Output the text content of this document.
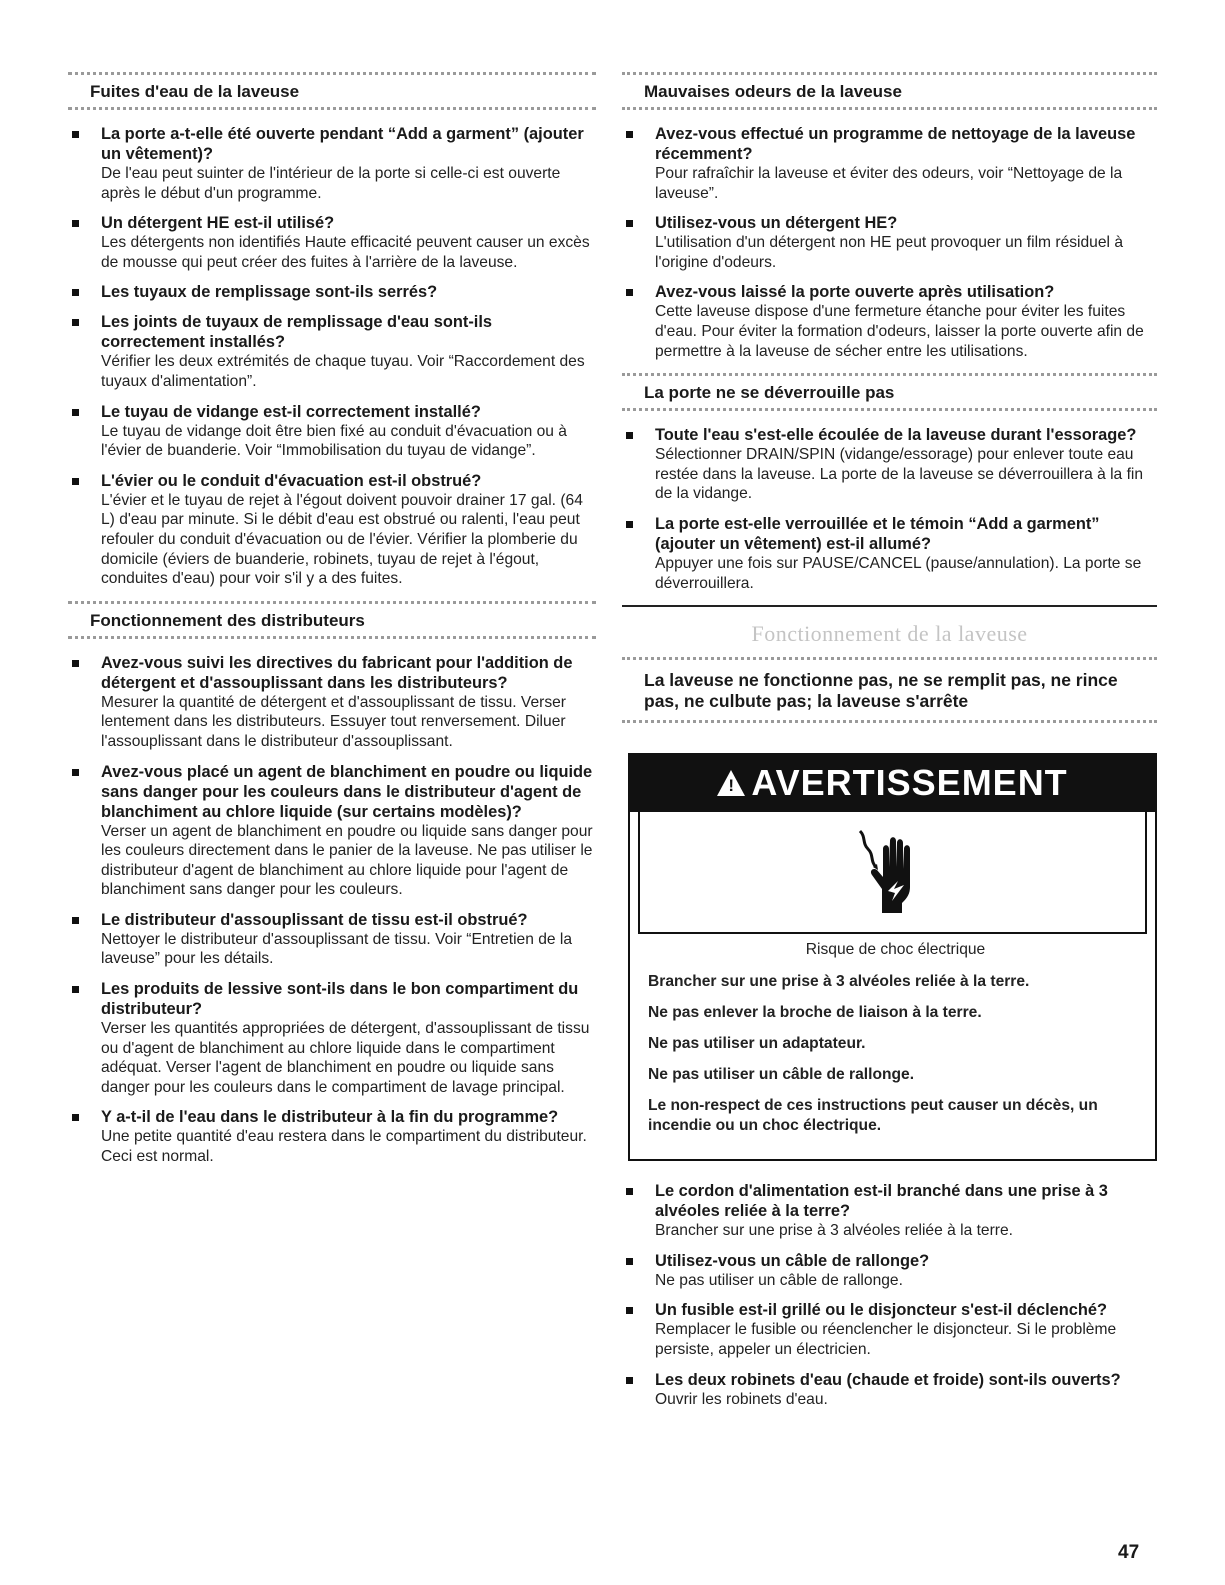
Fuites d'eau de la laveuse
La porte a-t-elle été ouverte pendant “Add a garment” (ajouter un vêtement)?
De l'eau peut suinter de l'intérieur de la porte si celle-ci est ouverte après le début d'un programme.
Un détergent HE est-il utilisé?
Les détergents non identifiés Haute efficacité peuvent causer un excès de mousse qui peut créer des fuites à l'arrière de la laveuse.
Les tuyaux de remplissage sont-ils serrés?
Les joints de tuyaux de remplissage d'eau sont-ils correctement installés?
Vérifier les deux extrémités de chaque tuyau. Voir “Raccordement des tuyaux d'alimentation”.
Le tuyau de vidange est-il correctement installé?
Le tuyau de vidange doit être bien fixé au conduit d'évacuation ou à l'évier de buanderie. Voir “Immobilisation du tuyau de vidange”.
L'évier ou le conduit d'évacuation est-il obstrué?
L'évier et le tuyau de rejet à l'égout doivent pouvoir drainer 17 gal. (64 L) d'eau par minute. Si le débit d'eau est obstrué ou ralenti, l'eau peut refouler du conduit d'évacuation ou de l'évier. Vérifier la plomberie du domicile (éviers de buanderie, robinets, tuyau de rejet à l'égout, conduites d'eau) pour voir s'il y a des fuites.
Fonctionnement des distributeurs
Avez-vous suivi les directives du fabricant pour l'addition de détergent et d'assouplissant dans les distributeurs?
Mesurer la quantité de détergent et d'assouplissant de tissu. Verser lentement dans les distributeurs. Essuyer tout renversement. Diluer l'assouplissant dans le distributeur d'assouplissant.
Avez-vous placé un agent de blanchiment en poudre ou liquide sans danger pour les couleurs dans le distributeur d'agent de blanchiment au chlore liquide (sur certains modèles)?
Verser un agent de blanchiment en poudre ou liquide sans danger pour les couleurs directement dans le panier de la laveuse. Ne pas utiliser le distributeur d'agent de blanchiment au chlore liquide pour l'agent de blanchiment sans danger pour les couleurs.
Le distributeur d'assouplissant de tissu est-il obstrué?
Nettoyer le distributeur d'assouplissant de tissu. Voir “Entretien de la laveuse” pour les détails.
Les produits de lessive sont-ils dans le bon compartiment du distributeur?
Verser les quantités appropriées de détergent, d'assouplissant de tissu ou d'agent de blanchiment au chlore liquide dans le compartiment adéquat. Verser l'agent de blanchiment en poudre ou liquide sans danger pour les couleurs dans le compartiment de lavage principal.
Y a-t-il de l'eau dans le distributeur à la fin du programme?
Une petite quantité d'eau restera dans le compartiment du distributeur. Ceci est normal.
Mauvaises odeurs de la laveuse
Avez-vous effectué un programme de nettoyage de la laveuse récemment?
Pour rafraîchir la laveuse et éviter des odeurs, voir “Nettoyage de la laveuse”.
Utilisez-vous un détergent HE?
L'utilisation d'un détergent non HE peut provoquer un film résiduel à l'origine d'odeurs.
Avez-vous laissé la porte ouverte après utilisation?
Cette laveuse dispose d'une fermeture étanche pour éviter les fuites d'eau. Pour éviter la formation d'odeurs, laisser la porte ouverte afin de permettre à la laveuse de sécher entre les utilisations.
La porte ne se déverrouille pas
Toute l'eau s'est-elle écoulée de la laveuse durant l'essorage?
Sélectionner DRAIN/SPIN (vidange/essorage) pour enlever toute eau restée dans la laveuse. La porte de la laveuse se déverrouillera à la fin de la vidange.
La porte est-elle verrouillée et le témoin “Add a garment” (ajouter un vêtement) est-il allumé?
Appuyer une fois sur PAUSE/CANCEL (pause/annulation). La porte se déverrouillera.
Fonctionnement de la laveuse
La laveuse ne fonctionne pas, ne se remplit pas, ne rince pas, ne culbute pas; la laveuse s'arrête
! AVERTISSEMENT
Risque de choc électrique
Brancher sur une prise à 3 alvéoles reliée à la terre.
Ne pas enlever la broche de liaison à la terre.
Ne pas utiliser un adaptateur.
Ne pas utiliser un câble de rallonge.
Le non-respect de ces instructions peut causer un décès, un incendie ou un choc électrique.
Le cordon d'alimentation est-il branché dans une prise à 3 alvéoles reliée à la terre?
Brancher sur une prise à 3 alvéoles reliée à la terre.
Utilisez-vous un câble de rallonge?
Ne pas utiliser un câble de rallonge.
Un fusible est-il grillé ou le disjoncteur s'est-il déclenché?
Remplacer le fusible ou réenclencher le disjoncteur. Si le problème persiste, appeler un électricien.
Les deux robinets d'eau (chaude et froide) sont-ils ouverts?
Ouvrir les robinets d'eau.
47
